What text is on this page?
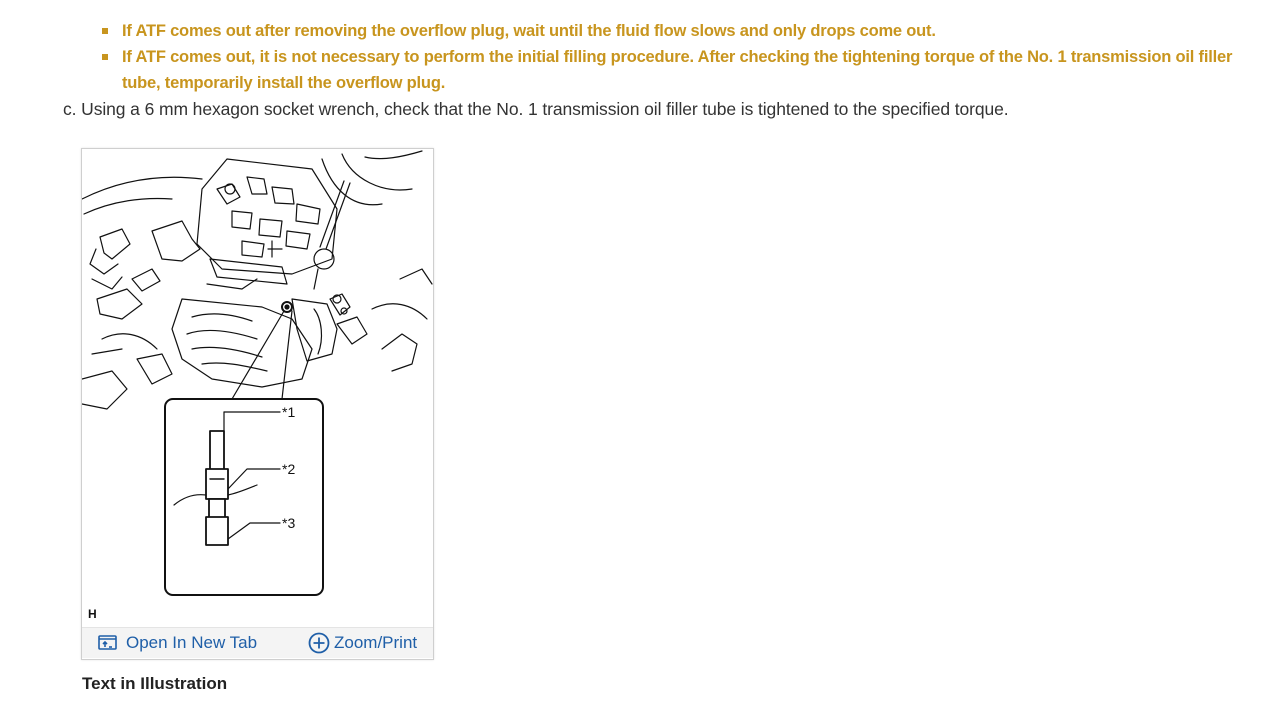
If ATF comes out after removing the overflow plug, wait until the fluid flow slows and only drops come out.
If ATF comes out, it is not necessary to perform the initial filling procedure. After checking the tightening torque of the No. 1 transmission oil filler tube, temporarily install the overflow plug.
c. Using a 6 mm hexagon socket wrench, check that the No. 1 transmission oil filler tube is tightened to the specified torque.
*1
*2
*3
H
Open In New Tab	Zoom/Print
Text in Illustration
